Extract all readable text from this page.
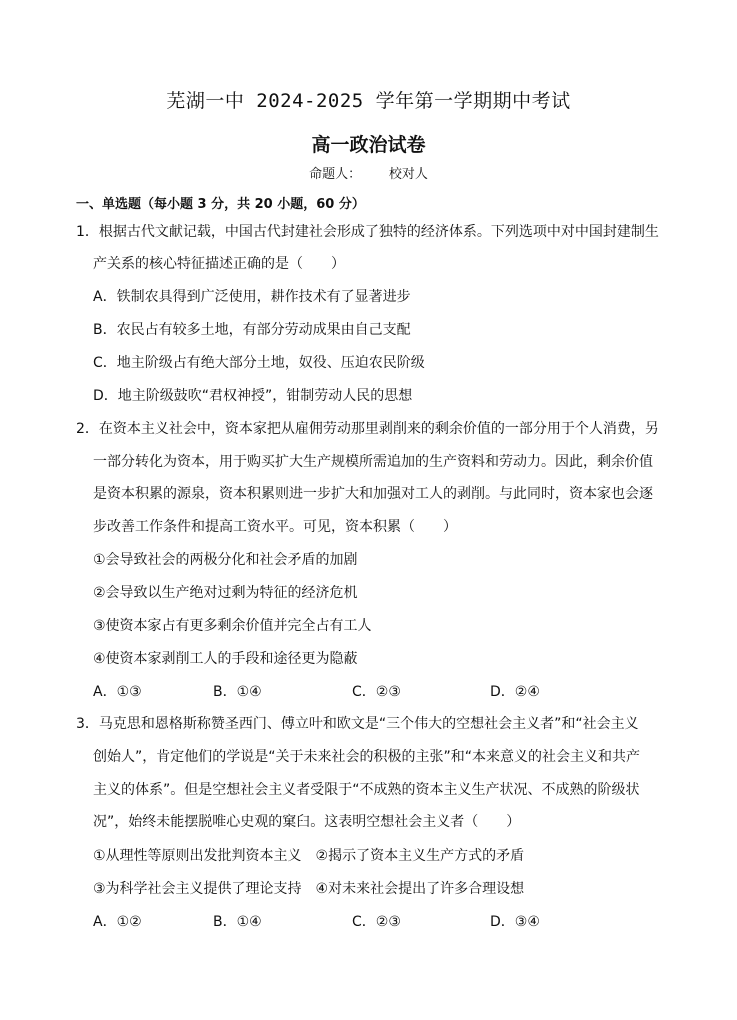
芜湖一中 2024-2025 学年第一学期期中考试
高一政治试卷
命题人： 校对人
一、单选题（每小题 3 分，共 20 小题，60 分）
1．根据古代文献记载，中国古代封建社会形成了独特的经济体系。下列选项中对中国封建制生
产关系的核心特征描述正确的是（　　）
A．铁制农具得到广泛使用，耕作技术有了显著进步
B．农民占有较多土地，有部分劳动成果由自己支配
C．地主阶级占有绝大部分土地，奴役、压迫农民阶级
D．地主阶级鼓吹“君权神授”，钳制劳动人民的思想
2．在资本主义社会中，资本家把从雇佣劳动那里剥削来的剩余价值的一部分用于个人消费，另
一部分转化为资本，用于购买扩大生产规模所需追加的生产资料和劳动力。因此，剩余价值
是资本积累的源泉，资本积累则进一步扩大和加强对工人的剥削。与此同时，资本家也会逐
步改善工作条件和提高工资水平。可见，资本积累（　　）
①会导致社会的两极分化和社会矛盾的加剧
②会导致以生产绝对过剩为特征的经济危机
③使资本家占有更多剩余价值并完全占有工人
④使资本家剥削工人的手段和途径更为隐蔽
A．①③	B．①④	C．②③	D．②④
3．马克思和恩格斯称赞圣西门、傅立叶和欧文是“三个伟大的空想社会主义者”和“社会主义
创始人”，肯定他们的学说是“关于未来社会的积极的主张”和“本来意义的社会主义和共产
主义的体系”。但是空想社会主义者受限于“不成熟的资本主义生产状况、不成熟的阶级状
况”，始终未能摆脱唯心史观的窠臼。这表明空想社会主义者（　　）
①从理性等原则出发批判资本主义　②揭示了资本主义生产方式的矛盾
③为科学社会主义提供了理论支持　④对未来社会提出了许多合理设想
A．①②	B．①④	C．②③	D．③④
